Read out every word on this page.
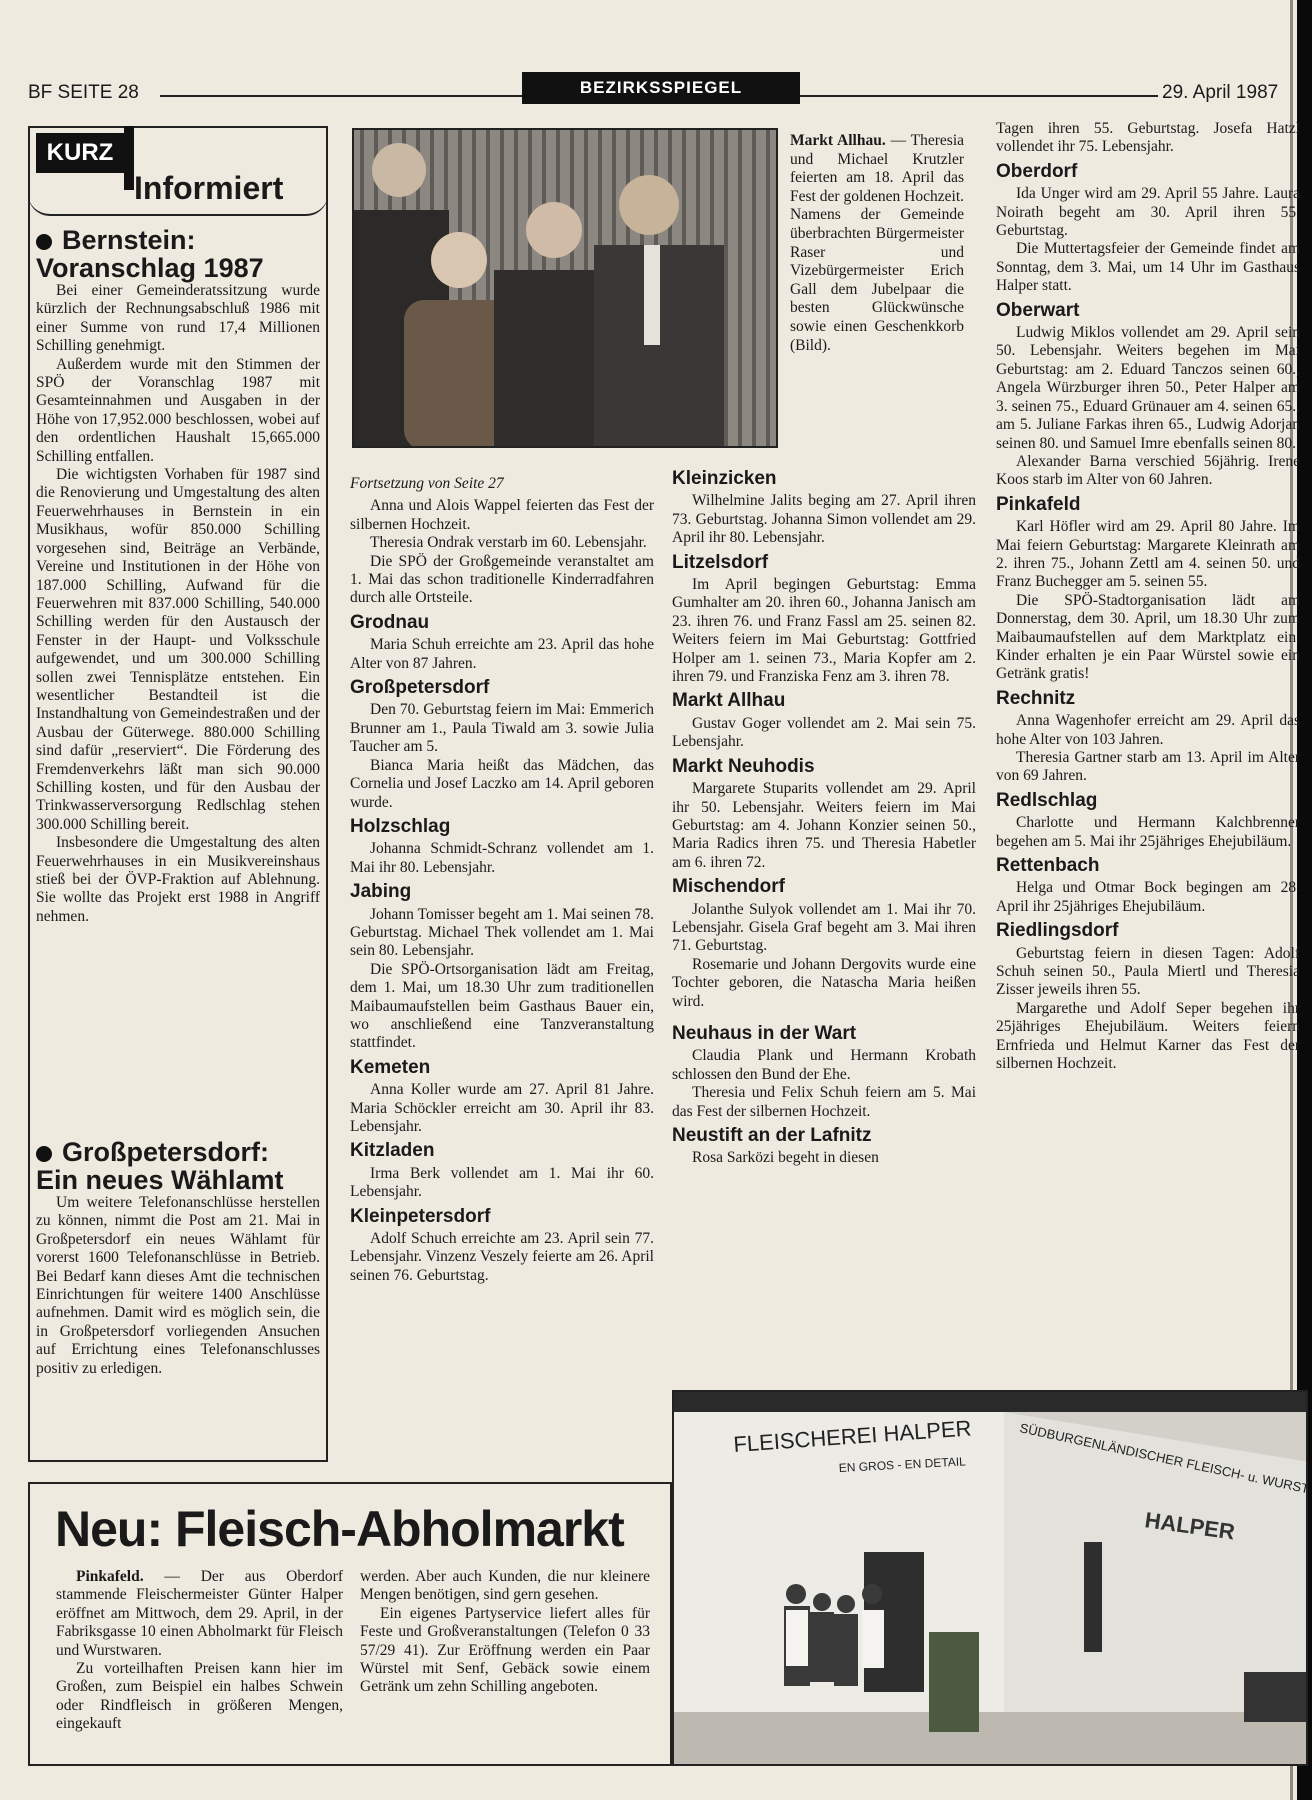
BF SEITE 28	BEZIRKSSPIEGEL	29. April 1987
KURZ
Informiert
Bernstein:
Voranschlag 1987

Bei einer Gemeinderatssitzung wurde kürzlich der Rechnungsabschluß 1986 mit einer Summe von rund 17,4 Millionen Schilling genehmigt.

Außerdem wurde mit den Stimmen der SPÖ der Voranschlag 1987 mit Gesamteinnahmen und Ausgaben in der Höhe von 17,952.000 beschlossen, wobei auf den ordentlichen Haushalt 15,665.000 Schilling entfallen.

Die wichtigsten Vorhaben für 1987 sind die Renovierung und Umgestaltung des alten Feuerwehrhauses in Bernstein in ein Musikhaus, wofür 850.000 Schilling vorgesehen sind, Beiträge an Verbände, Vereine und Institutionen in der Höhe von 187.000 Schilling, Aufwand für die Feuerwehren mit 837.000 Schilling, 540.000 Schilling werden für den Austausch der Fenster in der Haupt- und Volksschule aufgewendet, und um 300.000 Schilling sollen zwei Tennisplätze entstehen. Ein wesentlicher Bestandteil ist die Instandhaltung von Gemeindestraßen und der Ausbau der Güterwege. 880.000 Schilling sind dafür „reserviert“. Die Förderung des Fremdenverkehrs läßt man sich 90.000 Schilling kosten, und für den Ausbau der Trinkwasserversorgung Redlschlag stehen 300.000 Schilling bereit.

Insbesondere die Umgestaltung des alten Feuerwehrhauses in ein Musikvereinshaus stieß bei der ÖVP-Fraktion auf Ablehnung. Sie wollte das Projekt erst 1988 in Angriff nehmen.

Großpetersdorf:
Ein neues Wählamt

Um weitere Telefonanschlüsse herstellen zu können, nimmt die Post am 21. Mai in Großpetersdorf ein neues Wählamt für vorerst 1600 Telefonanschlüsse in Betrieb. Bei Bedarf kann dieses Amt die technischen Einrichtungen für weitere 1400 Anschlüsse aufnehmen. Damit wird es möglich sein, die in Großpetersdorf vorliegenden Ansuchen auf Errichtung eines Telefonanschlusses positiv zu erledigen.

Markt Allhau. — Theresia und Michael Krutzler feierten am 18. April das Fest der goldenen Hochzeit. Namens der Gemeinde überbrachten Bürgermeister Raser und Vizebürgermeister Erich Gall dem Jubelpaar die besten Glückwünsche sowie einen Geschenkkorb (Bild).
Fortsetzung von Seite 27

Anna und Alois Wappel feierten das Fest der silbernen Hochzeit.

Theresia Ondrak verstarb im 60. Lebensjahr.

Die SPÖ der Großgemeinde veranstaltet am 1. Mai das schon traditionelle Kinderradfahren durch alle Ortsteile.

Grodnau

Maria Schuh erreichte am 23. April das hohe Alter von 87 Jahren.

Großpetersdorf

Den 70. Geburtstag feiern im Mai: Emmerich Brunner am 1., Paula Tiwald am 3. sowie Julia Taucher am 5.

Bianca Maria heißt das Mädchen, das Cornelia und Josef Laczko am 14. April geboren wurde.

Holzschlag

Johanna Schmidt-Schranz vollendet am 1. Mai ihr 80. Lebensjahr.

Jabing

Johann Tomisser begeht am 1. Mai seinen 78. Geburtstag. Michael Thek vollendet am 1. Mai sein 80. Lebensjahr.

Die SPÖ-Ortsorganisation lädt am Freitag, dem 1. Mai, um 18.30 Uhr zum traditionellen Maibaumaufstellen beim Gasthaus Bauer ein, wo anschließend eine Tanzveranstaltung stattfindet.

Kemeten

Anna Koller wurde am 27. April 81 Jahre. Maria Schöckler erreicht am 30. April ihr 83. Lebensjahr.

Kitzladen

Irma Berk vollendet am 1. Mai ihr 60. Lebensjahr.

Kleinpetersdorf

Adolf Schuch erreichte am 23. April sein 77. Lebensjahr. Vinzenz Veszely feierte am 26. April seinen 76. Geburtstag.

Kleinzicken

Wilhelmine Jalits beging am 27. April ihren 73. Geburtstag. Johanna Simon vollendet am 29. April ihr 80. Lebensjahr.

Litzelsdorf

Im April begingen Geburtstag: Emma Gumhalter am 20. ihren 60., Johanna Janisch am 23. ihren 76. und Franz Fassl am 25. seinen 82. Weiters feiern im Mai Geburtstag: Gottfried Holper am 1. seinen 73., Maria Kopfer am 2. ihren 79. und Franziska Fenz am 3. ihren 78.

Markt Allhau

Gustav Goger vollendet am 2. Mai sein 75. Lebensjahr.

Markt Neuhodis

Margarete Stuparits vollendet am 29. April ihr 50. Lebensjahr. Weiters feiern im Mai Geburtstag: am 4. Johann Konzier seinen 50., Maria Radics ihren 75. und Theresia Habetler am 6. ihren 72.

Mischendorf

Jolanthe Sulyok vollendet am 1. Mai ihr 70. Lebensjahr. Gisela Graf begeht am 3. Mai ihren 71. Geburtstag.

Rosemarie und Johann Dergovits wurde eine Tochter geboren, die Natascha Maria heißen wird.

Neuhaus in der Wart

Claudia Plank und Hermann Krobath schlossen den Bund der Ehe.

Theresia und Felix Schuh feiern am 5. Mai das Fest der silbernen Hochzeit.

Neustift an der Lafnitz

Rosa Sarközi begeht in diesen

Tagen ihren 55. Geburtstag. Josefa Hatzl vollendet ihr 75. Lebensjahr.

Oberdorf

Ida Unger wird am 29. April 55 Jahre. Laura Noirath begeht am 30. April ihren 55. Geburtstag.

Die Muttertagsfeier der Gemeinde findet am Sonntag, dem 3. Mai, um 14 Uhr im Gasthaus Halper statt.

Oberwart

Ludwig Miklos vollendet am 29. April sein 50. Lebensjahr. Weiters begehen im Mai Geburtstag: am 2. Eduard Tanczos seinen 60., Angela Würzburger ihren 50., Peter Halper am 3. seinen 75., Eduard Grünauer am 4. seinen 65., am 5. Juliane Farkas ihren 65., Ludwig Adorjan seinen 80. und Samuel Imre ebenfalls seinen 80.

Alexander Barna verschied 56jährig. Irene Koos starb im Alter von 60 Jahren.

Pinkafeld

Karl Höfler wird am 29. April 80 Jahre. Im Mai feiern Geburtstag: Margarete Kleinrath am 2. ihren 75., Johann Zettl am 4. seinen 50. und Franz Buchegger am 5. seinen 55.

Die SPÖ-Stadtorganisation lädt am Donnerstag, dem 30. April, um 18.30 Uhr zum Maibaumaufstellen auf dem Marktplatz ein. Kinder erhalten je ein Paar Würstel sowie ein Getränk gratis!

Rechnitz

Anna Wagenhofer erreicht am 29. April das hohe Alter von 103 Jahren.

Theresia Gartner starb am 13. April im Alter von 69 Jahren.

Redlschlag

Charlotte und Hermann Kalchbrenner begehen am 5. Mai ihr 25jähriges Ehejubiläum.

Rettenbach

Helga und Otmar Bock begingen am 28. April ihr 25jähriges Ehejubiläum.

Riedlingsdorf

Geburtstag feiern in diesen Tagen: Adolf Schuh seinen 50., Paula Miertl und Theresia Zisser jeweils ihren 55.

Margarethe und Adolf Seper begehen ihr 25jähriges Ehejubiläum. Weiters feiern Ernfrieda und Helmut Karner das Fest der silbernen Hochzeit.

Neu: Fleisch-Abholmarkt

Pinkafeld. — Der aus Oberdorf stammende Fleischermeister Günter Halper eröffnet am Mittwoch, dem 29. April, in der Fabriksgasse 10 einen Abholmarkt für Fleisch und Wurstwaren.

Zu vorteilhaften Preisen kann hier im Großen, zum Beispiel ein halbes Schwein oder Rindfleisch in größeren Mengen, eingekauft

werden. Aber auch Kunden, die nur kleinere Mengen benötigen, sind gern gesehen.

Ein eigenes Partyservice liefert alles für Feste und Großveranstaltungen (Telefon 0 33 57/29 41). Zur Eröffnung werden ein Paar Würstel mit Senf, Gebäck sowie einem Getränk um zehn Schilling angeboten.

FLEISCHEREI HALPER
EN GROS - EN DETAIL
HALPER
